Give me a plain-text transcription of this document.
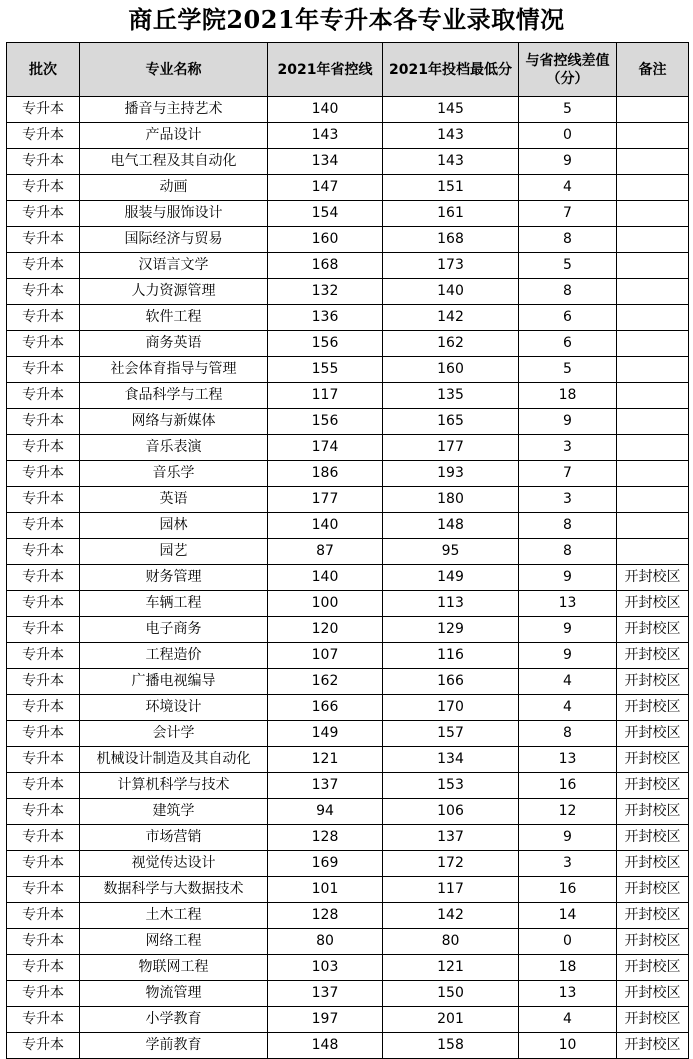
商丘学院2021年专升本各专业录取情况
批次	专业名称	2021年省控线	2021年投档最低分	与省控线差值（分）	备注
专升本	播音与主持艺术	140	145	5	
专升本	产品设计	143	143	0	
专升本	电气工程及其自动化	134	143	9	
专升本	动画	147	151	4	
专升本	服装与服饰设计	154	161	7	
专升本	国际经济与贸易	160	168	8	
专升本	汉语言文学	168	173	5	
专升本	人力资源管理	132	140	8	
专升本	软件工程	136	142	6	
专升本	商务英语	156	162	6	
专升本	社会体育指导与管理	155	160	5	
专升本	食品科学与工程	117	135	18	
专升本	网络与新媒体	156	165	9	
专升本	音乐表演	174	177	3	
专升本	音乐学	186	193	7	
专升本	英语	177	180	3	
专升本	园林	140	148	8	
专升本	园艺	87	95	8	
专升本	财务管理	140	149	9	开封校区
专升本	车辆工程	100	113	13	开封校区
专升本	电子商务	120	129	9	开封校区
专升本	工程造价	107	116	9	开封校区
专升本	广播电视编导	162	166	4	开封校区
专升本	环境设计	166	170	4	开封校区
专升本	会计学	149	157	8	开封校区
专升本	机械设计制造及其自动化	121	134	13	开封校区
专升本	计算机科学与技术	137	153	16	开封校区
专升本	建筑学	94	106	12	开封校区
专升本	市场营销	128	137	9	开封校区
专升本	视觉传达设计	169	172	3	开封校区
专升本	数据科学与大数据技术	101	117	16	开封校区
专升本	土木工程	128	142	14	开封校区
专升本	网络工程	80	80	0	开封校区
专升本	物联网工程	103	121	18	开封校区
专升本	物流管理	137	150	13	开封校区
专升本	小学教育	197	201	4	开封校区
专升本	学前教育	148	158	10	开封校区
